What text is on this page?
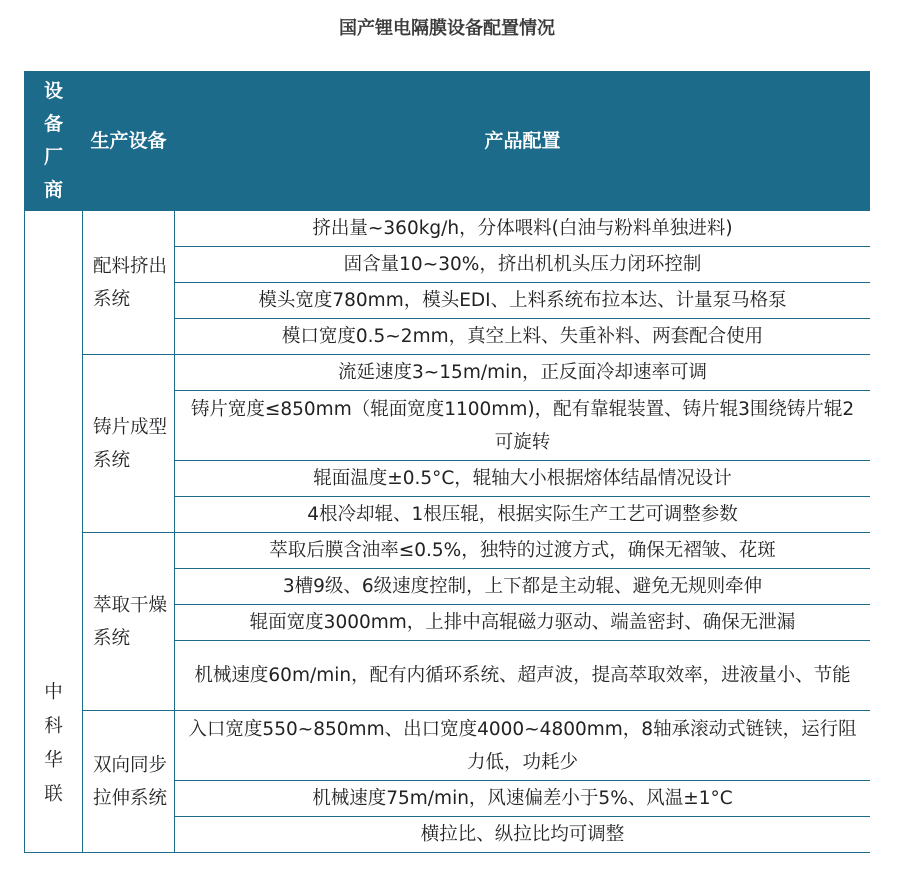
国产锂电隔膜设备配置情况
设备厂商	生产设备	产品配置

中科华联	配料挤出系统	挤出量~360kg/h，分体喂料(白油与粉料单独进料)
		固含量10~30%，挤出机机头压力闭环控制
		模头宽度780mm，模头EDI、上料系统布拉本达、计量泵马格泵
		模口宽度0.5~2mm，真空上料、失重补料、两套配合使用

	铸片成型系统	流延速度3~15m/min，正反面冷却速率可调
		铸片宽度≤850mm（辊面宽度1100mm)，配有靠辊装置、铸片辊3围绕铸片辊2可旋转
		辊面温度±0.5°C，辊轴大小根据熔体结晶情况设计
		4根冷却辊、1根压辊，根据实际生产工艺可调整参数

	萃取干燥系统	萃取后膜含油率≤0.5%，独特的过渡方式，确保无褶皱、花斑
		3槽9级、6级速度控制，上下都是主动辊、避免无规则牵伸
		辊面宽度3000mm，上排中高辊磁力驱动、端盖密封、确保无泄漏
		机械速度60m/min，配有内循环系统、超声波，提高萃取效率，进液量小、节能

	双向同步拉伸系统	入口宽度550~850mm、出口宽度4000~4800mm，8轴承滚动式链铗，运行阻力低，功耗少
		机械速度75m/min，风速偏差小于5%、风温±1°C
		横拉比、纵拉比均可调整
